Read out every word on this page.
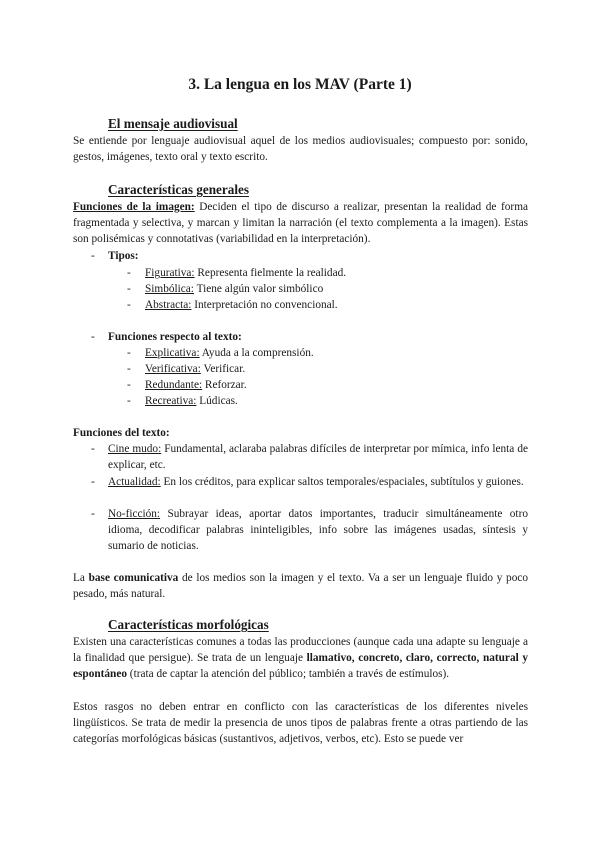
3. La lengua en los MAV (Parte 1)
El mensaje audiovisual
Se entiende por lenguaje audiovisual aquel de los medios audiovisuales; compuesto por: sonido, gestos, imágenes, texto oral y texto escrito.
Características generales
Funciones de la imagen: Deciden el tipo de discurso a realizar, presentan la realidad de forma fragmentada y selectiva, y marcan y limitan la narración (el texto complementa a la imagen). Estas son polisémicas y connotativas (variabilidad en la interpretación).
- Tipos:
- Figurativa: Representa fielmente la realidad.
- Simbólica: Tiene algún valor simbólico
- Abstracta: Interpretación no convencional.
- Funciones respecto al texto:
- Explicativa: Ayuda a la comprensión.
- Verificativa: Verificar.
- Redundante: Reforzar.
- Recreativa: Lúdicas.
Funciones del texto:
- Cine mudo: Fundamental, aclaraba palabras difíciles de interpretar por mímica, info lenta de explicar, etc.
- Actualidad: En los créditos, para explicar saltos temporales/espaciales, subtítulos y guiones.
- No-ficción: Subrayar ideas, aportar datos importantes, traducir simultáneamente otro idioma, decodificar palabras ininteligibles, info sobre las imágenes usadas, síntesis y sumario de noticias.
La base comunicativa de los medios son la imagen y el texto. Va a ser un lenguaje fluido y poco pesado, más natural.
Características morfológicas
Existen una características comunes a todas las producciones (aunque cada una adapte su lenguaje a la finalidad que persigue). Se trata de un lenguaje llamativo, concreto, claro, correcto, natural y espontáneo (trata de captar la atención del público; también a través de estímulos).
Estos rasgos no deben entrar en conflicto con las características de los diferentes niveles lingüísticos. Se trata de medir la presencia de unos tipos de palabras frente a otras partiendo de las categorías morfológicas básicas (sustantivos, adjetivos, verbos, etc). Esto se puede ver
